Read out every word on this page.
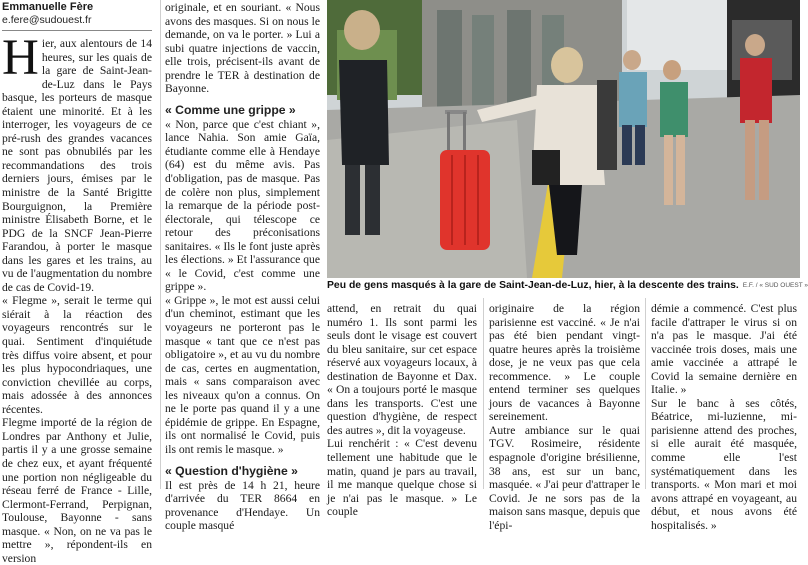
Emmanuelle Fère
e.fere@sudouest.fr

Hier, aux alentours de 14 heures, sur les quais de la gare de Saint-Jean-de-Luz dans le Pays basque, les porteurs de masque étaient une minorité. Et à les interroger, les voyageurs de ce pré-rush des grandes vacances ne sont pas obnubilés par les recommandations des trois derniers jours, émises par le ministre de la Santé Brigitte Bourguignon, la Première ministre Élisabeth Borne, et le PDG de la SNCF Jean-Pierre Farandou, à porter le masque dans les gares et les trains, au vu de l'augmentation du nombre de cas de Covid-19.

« Flegme », serait le terme qui siérait à la réaction des voyageurs rencontrés sur le quai. Sentiment d'inquiétude très diffus voire absent, et pour les plus hypocondriaques, une conviction chevillée au corps, mais adossée à des annonces récentes.

Flegme importé de la région de Londres par Anthony et Julie, partis il y a une grosse semaine de chez eux, et ayant fréquenté une portion non négligeable du réseau ferré de France - Lille, Clermont-Ferrand, Perpignan, Toulouse, Bayonne - sans masque. « Non, on ne va pas le mettre », répondent-ils en version

originale, et en souriant. « Nous avons des masques. Si on nous le demande, on va le porter. » Lui a subi quatre injections de vaccin, elle trois, précisent-ils avant de prendre le TER à destination de Bayonne.

« Comme une grippe »

« Non, parce que c'est chiant », lance Nahia. Son amie Gaïa, étudiante comme elle à Hendaye (64) est du même avis. Pas d'obligation, pas de masque. Pas de colère non plus, simplement la remarque de la période post-électorale, qui télescope ce retour des préconisations sanitaires. « Ils le font juste après les élections. » Et l'assurance que « le Covid, c'est comme une grippe ».

« Grippe », le mot est aussi celui d'un cheminot, estimant que les voyageurs ne porteront pas le masque « tant que ce n'est pas obligatoire », et au vu du nombre de cas, certes en augmentation, mais « sans comparaison avec les niveaux qu'on a connus. On ne le porte pas quand il y a une épidémie de grippe. En Espagne, ils ont normalisé le Covid, puis ils ont remis le masque. »

« Question d'hygiène »

Il est près de 14 h 21, heure d'arrivée du TER 8664 en provenance d'Hendaye. Un couple masqué

Peu de gens masqués à la gare de Saint-Jean-de-Luz, hier, à la descente des trains. E.F. / « SUD OUEST »

attend, en retrait du quai numéro 1. Ils sont parmi les seuls dont le visage est couvert du bleu sanitaire, sur cet espace réservé aux voyageurs locaux, à destination de Bayonne et Dax. « On a toujours porté le masque dans les transports. C'est une question d'hygiène, de respect des autres », dit la voyageuse.

Lui renchérit : « C'est devenu tellement une habitude que le matin, quand je pars au travail, il me manque quelque chose si je n'ai pas le masque. » Le couple

originaire de la région parisienne est vacciné. « Je n'ai pas été bien pendant vingt-quatre heures après la troisième dose, je ne veux pas que cela recommence. » Le couple entend terminer ses quelques jours de vacances à Bayonne sereinement.

Autre ambiance sur le quai TGV. Rosimeire, résidente espagnole d'origine brésilienne, 38 ans, est sur un banc, masquée. « J'ai peur d'attraper le Covid. Je ne sors pas de la maison sans masque, depuis que l'épi-

démie a commencé. C'est plus facile d'attraper le virus si on n'a pas le masque. J'ai été vaccinée trois doses, mais une amie vaccinée a attrapé le Covid la semaine dernière en Italie. »

Sur le banc à ses côtés, Béatrice, mi-luzienne, mi-parisienne attend des proches, si elle aurait été masquée, comme elle l'est systématiquement dans les transports. « Mon mari et moi avons attrapé en voyageant, au début, et nous avons été hospitalisés. »
